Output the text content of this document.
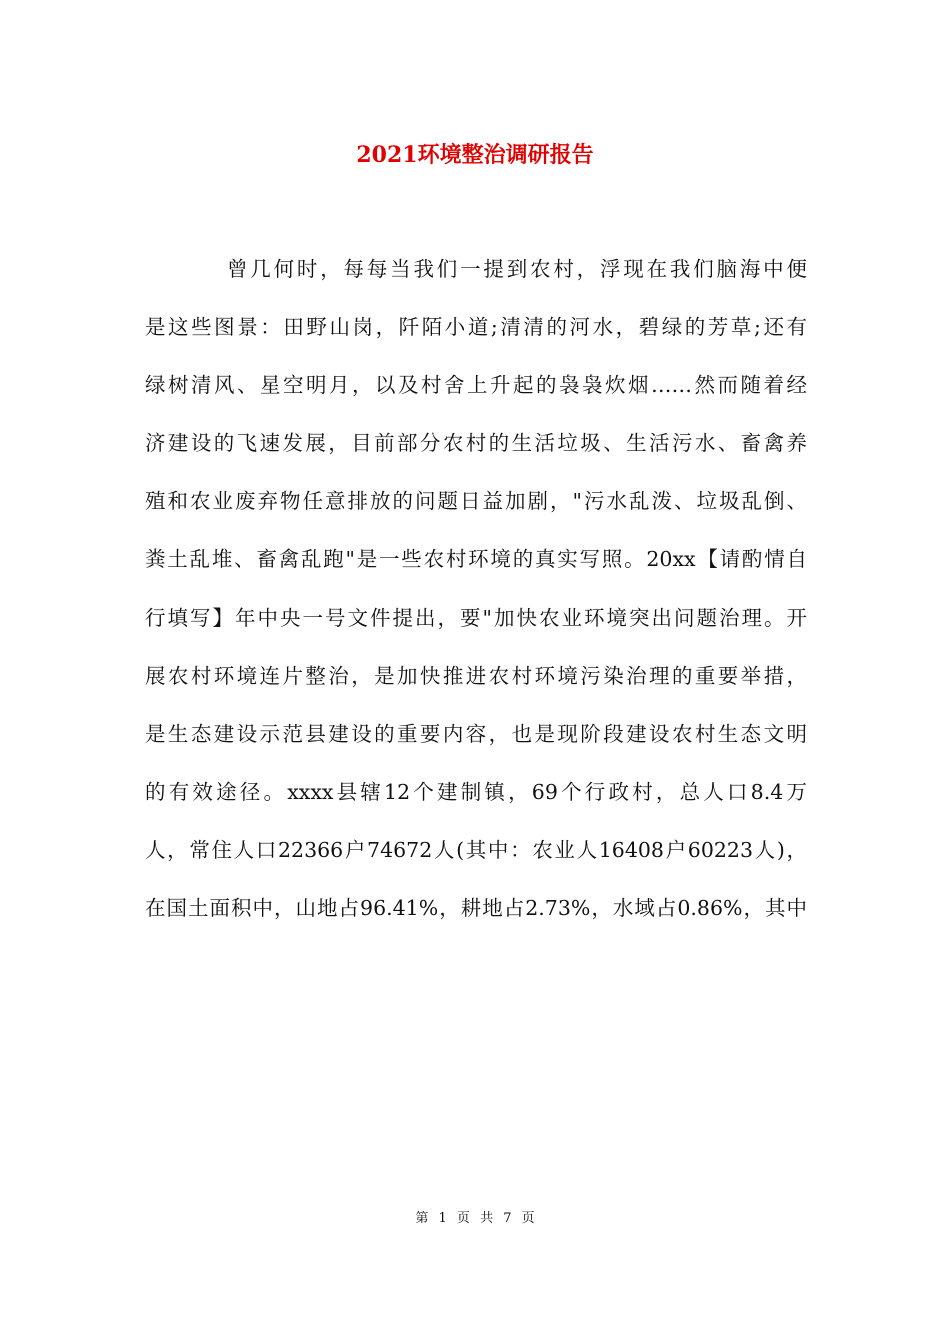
2021环境整治调研报告
曾几何时，每每当我们一提到农村，浮现在我们脑海中便
是这些图景：田野山岗，阡陌小道;清清的河水，碧绿的芳草;还有
绿树清风、星空明月，以及村舍上升起的袅袅炊烟……然而随着经
济建设的飞速发展，目前部分农村的生活垃圾、生活污水、畜禽养
殖和农业废弃物任意排放的问题日益加剧，"污水乱泼、垃圾乱倒、
粪土乱堆、畜禽乱跑"是一些农村环境的真实写照。20xx【请酌情自
行填写】年中央一号文件提出，要"加快农业环境突出问题治理。开
展农村环境连片整治，是加快推进农村环境污染治理的重要举措，
是生态建设示范县建设的重要内容，也是现阶段建设农村生态文明
的有效途径。xxxx县辖12个建制镇，69个行政村，总人口8.4万
人，常住人口22366户74672人(其中：农业人16408户60223人)，
在国土面积中，山地占96.41%，耕地占2.73%，水域占0.86%，其中
第 1 页 共 7 页
